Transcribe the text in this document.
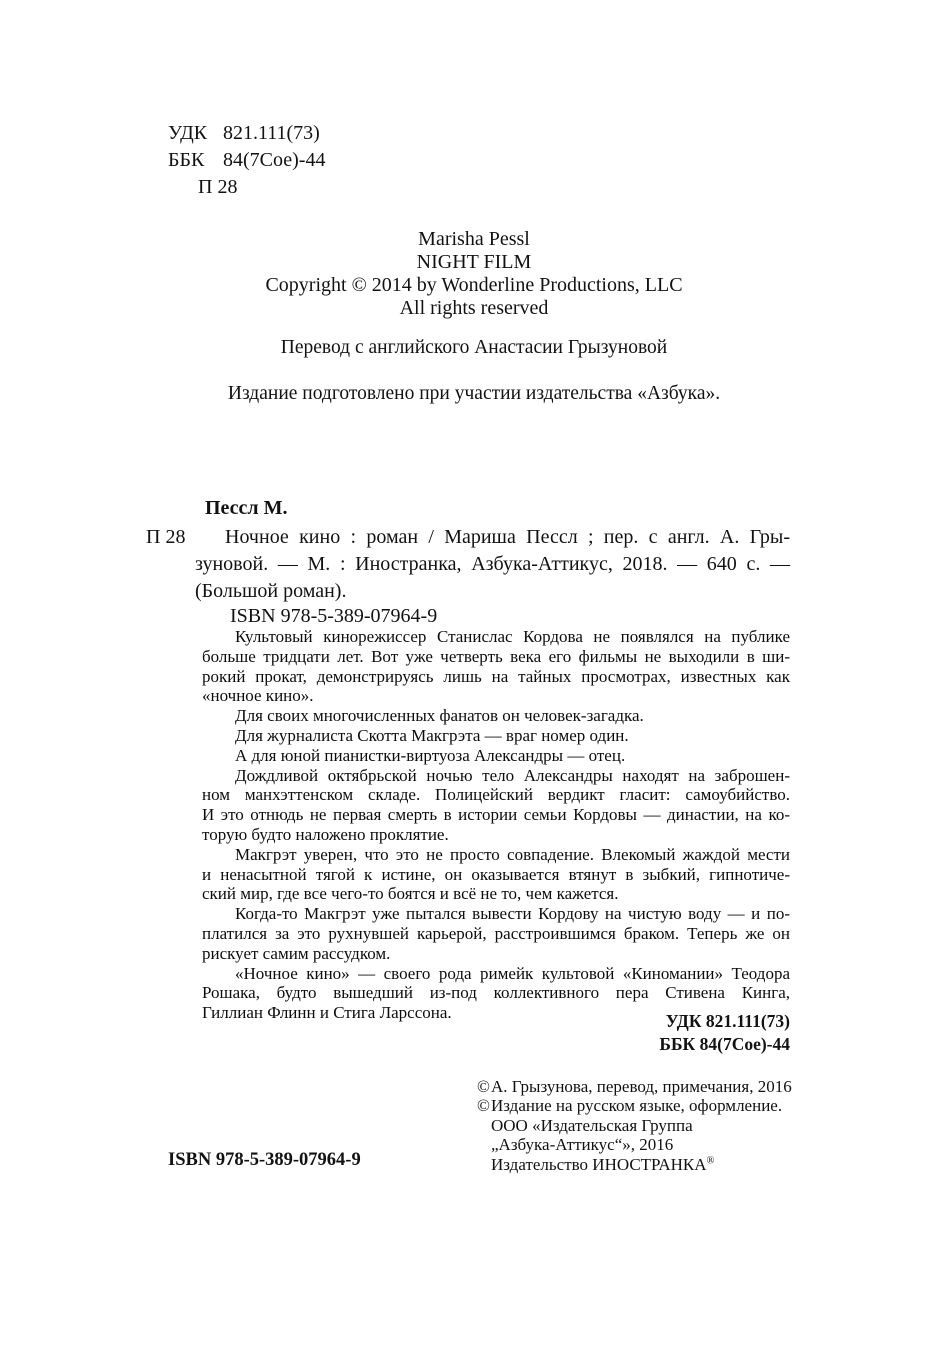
УДК 821.111(73)
ББК 84(7Сое)-44
П 28
Marisha Pessl
NIGHT FILM
Copyright © 2014 by Wonderline Productions, LLC
All rights reserved
Перевод с английского Анастасии Грызуновой
Издание подготовлено при участии издательства «Азбука».
Пессл М.
П 28	Ночное кино : роман / Мариша Пессл ; пер. с англ. А. Гры-
зуновой. — М. : Иностранка, Азбука-Аттикус, 2018. — 640 с. —
(Большой роман).
ISBN 978-5-389-07964-9
Культовый кинорежиссер Станислас Кордова не появлялся на публике
больше тридцати лет. Вот уже четверть века его фильмы не выходили в ши-
рокий прокат, демонстрируясь лишь на тайных просмотрах, известных как
«ночное кино».
Для своих многочисленных фанатов он человек-загадка.
Для журналиста Скотта Макгрэта — враг номер один.
А для юной пианистки-виртуоза Александры — отец.
Дождливой октябрьской ночью тело Александры находят на заброшен-
ном манхэттенском складе. Полицейский вердикт гласит: самоубийство.
И это отнюдь не первая смерть в истории семьи Кордовы — династии, на ко-
торую будто наложено проклятие.
Макгрэт уверен, что это не просто совпадение. Влекомый жаждой мести
и ненасытной тягой к истине, он оказывается втянут в зыбкий, гипнотиче-
ский мир, где все чего-то боятся и всё не то, чем кажется.
Когда-то Макгрэт уже пытался вывести Кордову на чистую воду — и по-
платился за это рухнувшей карьерой, расстроившимся браком. Теперь же он
рискует самим рассудком.
«Ночное кино» — своего рода римейк культовой «Киномании» Теодора
Рошака, будто вышедший из-под коллективного пера Стивена Кинга,
Гиллиан Флинн и Стига Ларссона.	УДК 821.111(73)
ББК 84(7Сое)-44
© А. Грызунова, перевод, примечания, 2016
© Издание на русском языке, оформление.
ООО «Издательская Группа
„Азбука-Аттикус“», 2016
Издательство ИНОСТРАНКА®
ISBN 978-5-389-07964-9
